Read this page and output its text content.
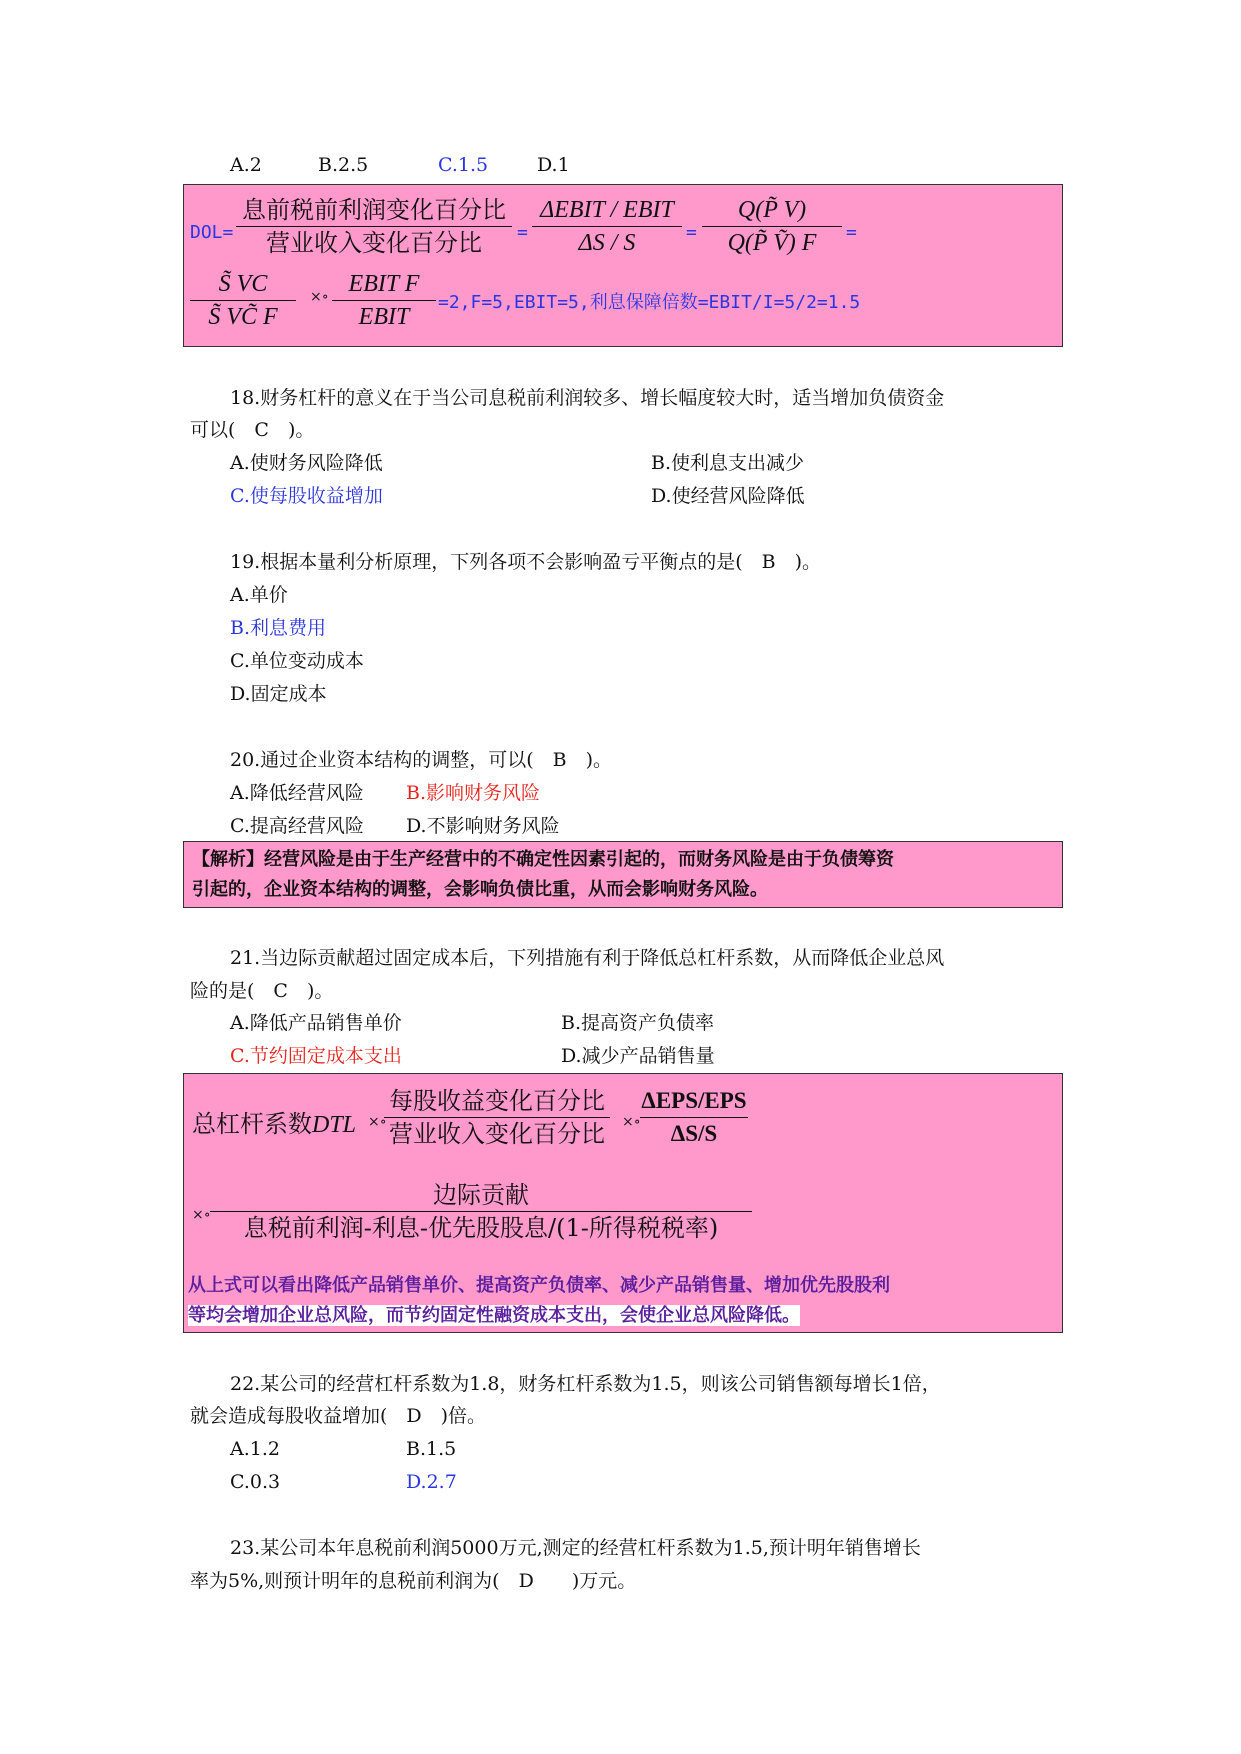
A.2	B.2.5	C.1.5	D.1
DOL=
息前税前利润变化百分比
营业收入变化百分比	=
ΔEBIT / EBIT
ΔS / S	=
Q(P̃ V)
Q(P̃ Ṽ) F	=
S̃ VC
S̃ VC̃ F
×∘ EBIT F
EBIT
=2,F=5,EBIT=5,利息保障倍数=EBIT/I=5/2=1.5
18.财务杠杆的意义在于当公司息税前利润较多、增长幅度较大时，适当增加负债资金
可以(　C　)。
A.使财务风险降低	B.使利息支出减少
C.使每股收益增加	D.使经营风险降低
19.根据本量利分析原理，下列各项不会影响盈亏平衡点的是(　B　)。
A.单价
B.利息费用
C.单位变动成本
D.固定成本
20.通过企业资本结构的调整，可以(　B　)。
A.降低经营风险 B.影响财务风险
C.提高经营风险 D.不影响财务风险
【解析】经营风险是由于生产经营中的不确定性因素引起的，而财务风险是由于负债筹资
引起的，企业资本结构的调整，会影响负债比重，从而会影响财务风险。
21.当边际贡献超过固定成本后，下列措施有利于降低总杠杆系数，从而降低企业总风
险的是(　C　)。
A.降低产品销售单价	B.提高资产负债率
C.节约固定成本支出	D.减少产品销售量
总杠杆系数DTL ×∘
每股收益变化百分比
营业收入变化百分比	×∘
ΔEPS/EPS
ΔS/S
×∘
边际贡献
息税前利润-利息-优先股股息/(1-所得税税率)
从上式可以看出降低产品销售单价、提高资产负债率、减少产品销售量、增加优先股股利
等均会增加企业总风险，而节约固定性融资成本支出，会使企业总风险降低。
22.某公司的经营杠杆系数为1.8，财务杠杆系数为1.5，则该公司销售额每增长1倍，
就会造成每股收益增加(　D　)倍。
A.1.2	B.1.5
C.0.3	D.2.7
23.某公司本年息税前利润5000万元,测定的经营杠杆系数为1.5,预计明年销售增长
率为5%,则预计明年的息税前利润为(　D　　)万元。
